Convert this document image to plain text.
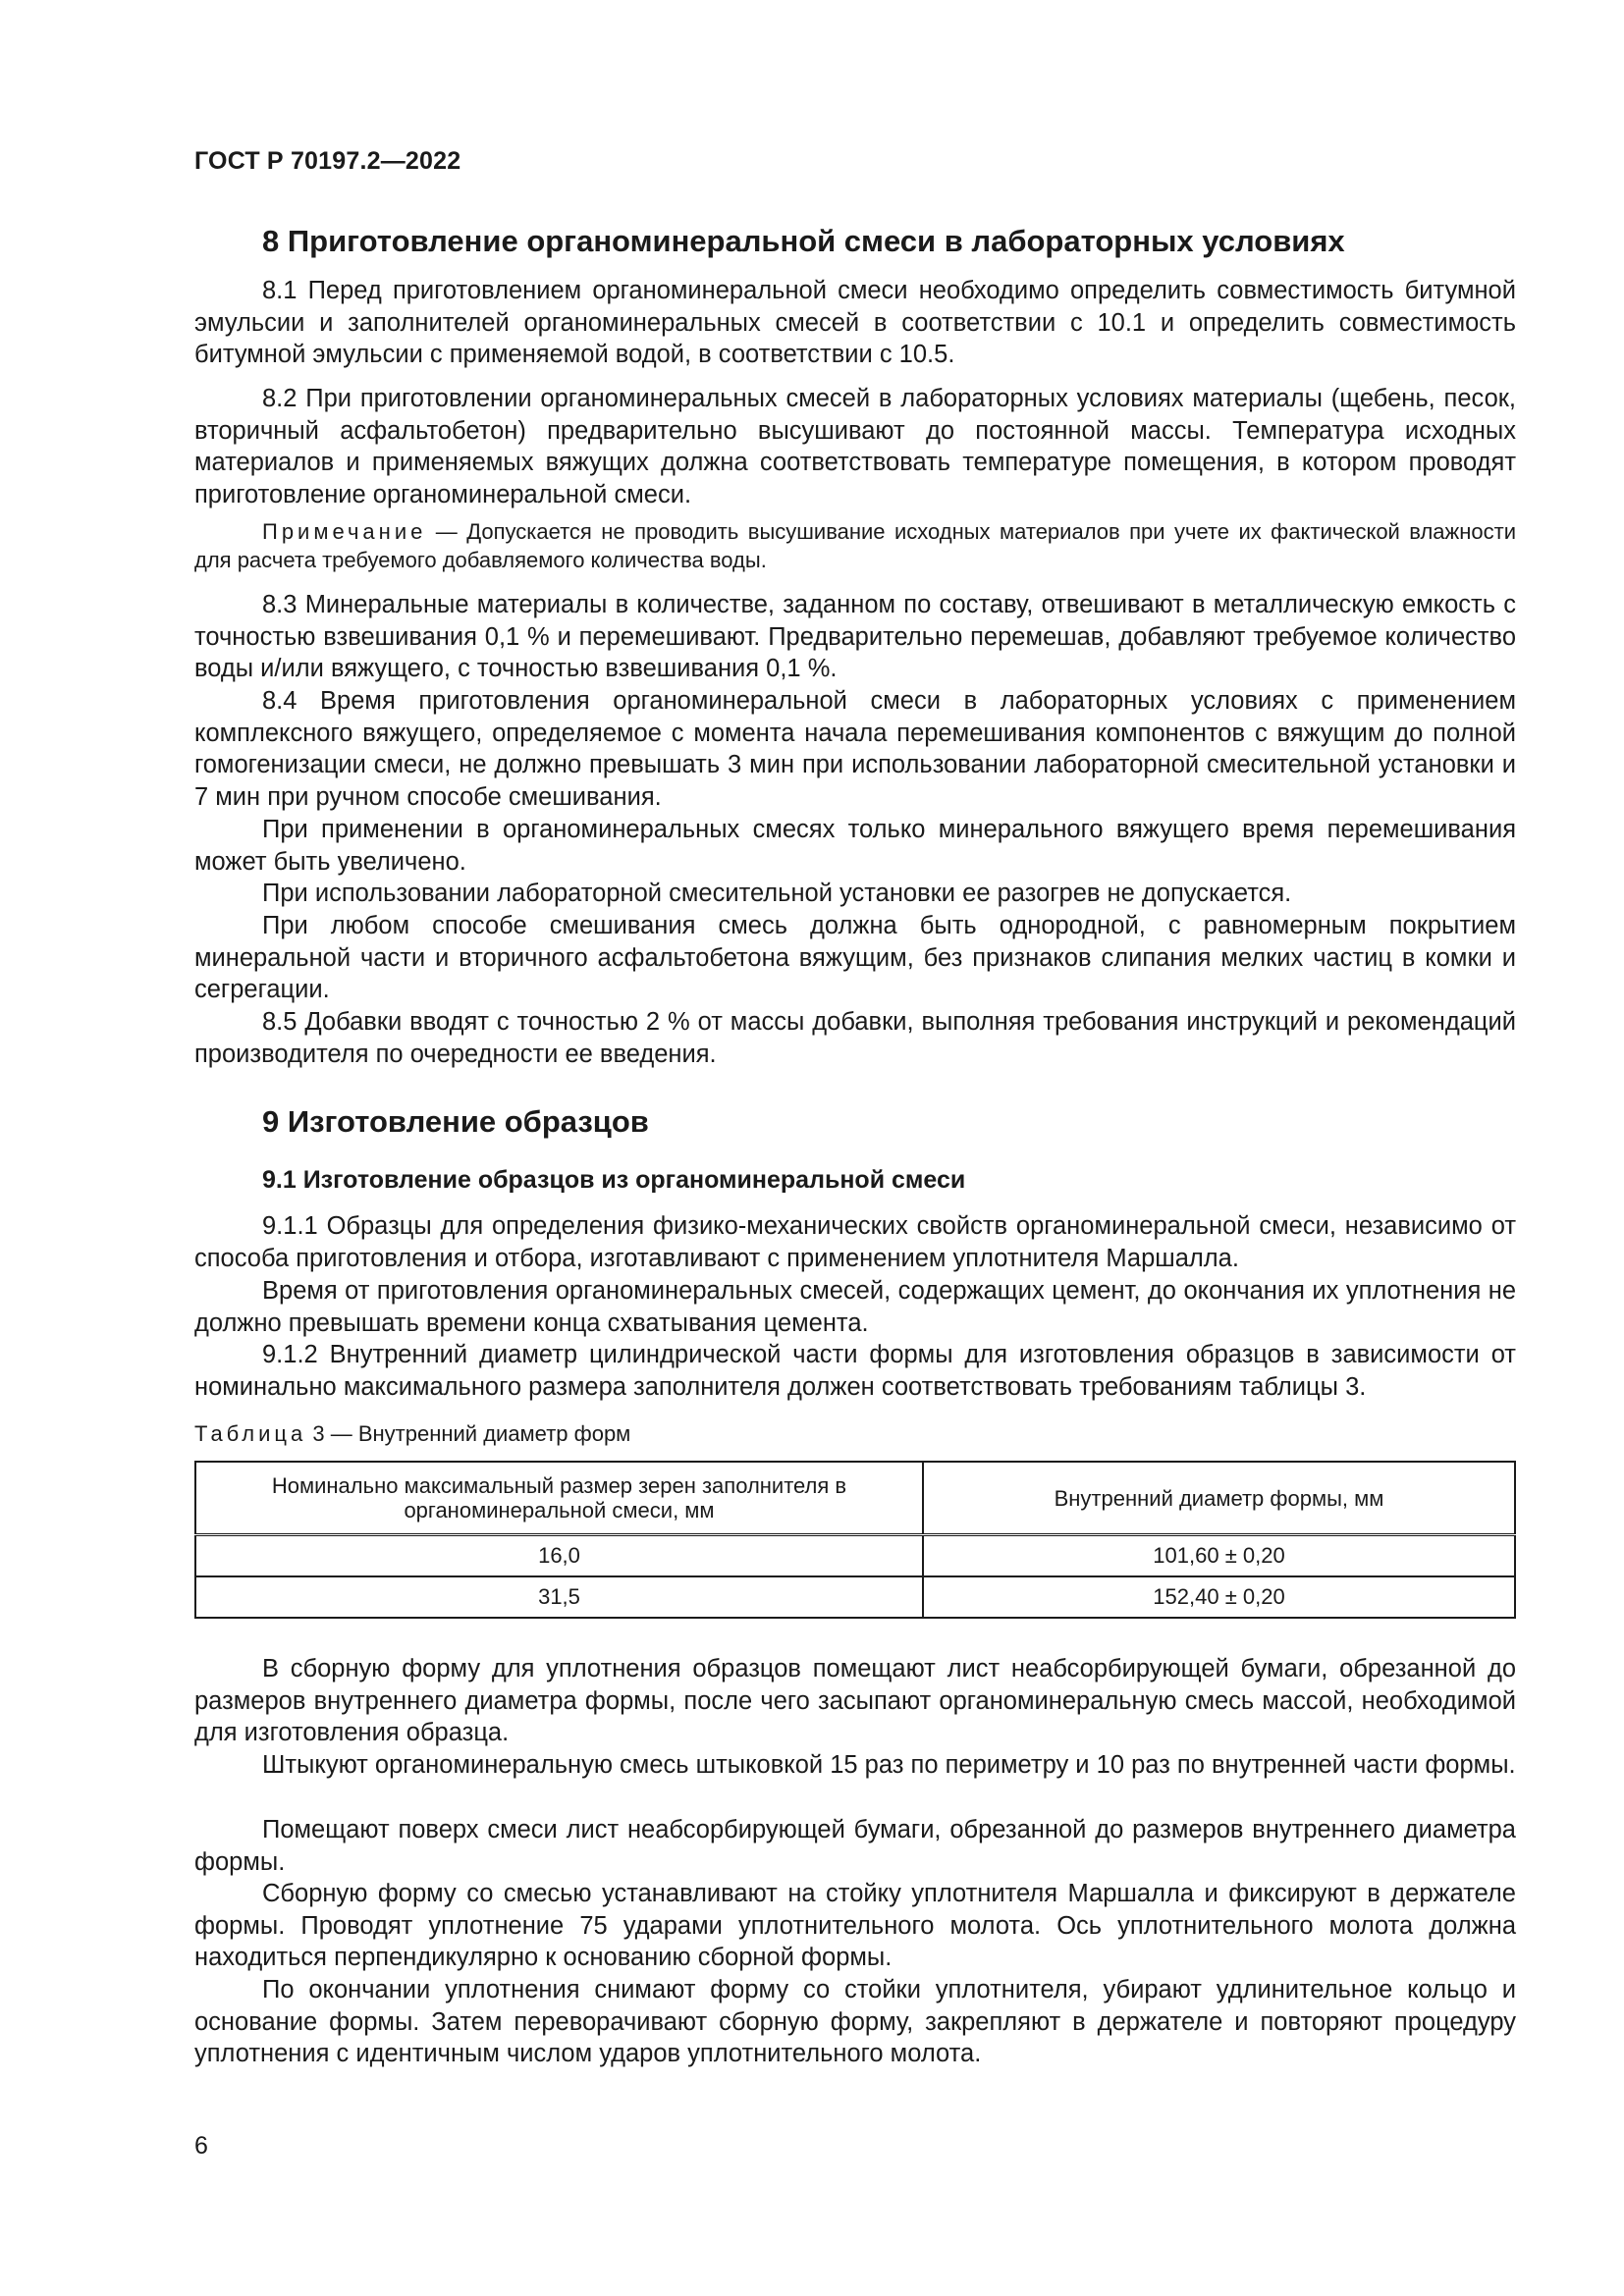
ГОСТ Р 70197.2—2022
8 Приготовление органоминеральной смеси в лабораторных условиях
8.1 Перед приготовлением органоминеральной смеси необходимо определить совместимость битумной эмульсии и заполнителей органоминеральных смесей в соответствии с 10.1 и определить совместимость битумной эмульсии с применяемой водой, в соответствии с 10.5.
8.2 При приготовлении органоминеральных смесей в лабораторных условиях материалы (щебень, песок, вторичный асфальтобетон) предварительно высушивают до постоянной массы. Температура исходных материалов и применяемых вяжущих должна соответствовать температуре помещения, в котором проводят приготовление органоминеральной смеси.
Примечание — Допускается не проводить высушивание исходных материалов при учете их фактической влажности для расчета требуемого добавляемого количества воды.
8.3 Минеральные материалы в количестве, заданном по составу, отвешивают в металлическую емкость с точностью взвешивания 0,1 % и перемешивают. Предварительно перемешав, добавляют требуемое количество воды и/или вяжущего, с точностью взвешивания 0,1 %.
8.4 Время приготовления органоминеральной смеси в лабораторных условиях с применением комплексного вяжущего, определяемое с момента начала перемешивания компонентов с вяжущим до полной гомогенизации смеси, не должно превышать 3 мин при использовании лабораторной смесительной установки и 7 мин при ручном способе смешивания.
При применении в органоминеральных смесях только минерального вяжущего время перемешивания может быть увеличено.
При использовании лабораторной смесительной установки ее разогрев не допускается.
При любом способе смешивания смесь должна быть однородной, с равномерным покрытием минеральной части и вторичного асфальтобетона вяжущим, без признаков слипания мелких частиц в комки и сегрегации.
8.5 Добавки вводят с точностью 2 % от массы добавки, выполняя требования инструкций и рекомендаций производителя по очередности ее введения.
9 Изготовление образцов
9.1 Изготовление образцов из органоминеральной смеси
9.1.1 Образцы для определения физико-механических свойств органоминеральной смеси, независимо от способа приготовления и отбора, изготавливают с применением уплотнителя Маршалла.
Время от приготовления органоминеральных смесей, содержащих цемент, до окончания их уплотнения не должно превышать времени конца схватывания цемента.
9.1.2 Внутренний диаметр цилиндрической части формы для изготовления образцов в зависимости от номинально максимального размера заполнителя должен соответствовать требованиям таблицы 3.
Таблица 3 — Внутренний диаметр форм
Номинально максимальный размер зерен заполнителя в органоминеральной смеси, мм	Внутренний диаметр формы, мм
16,0	101,60 ± 0,20
31,5	152,40 ± 0,20
В сборную форму для уплотнения образцов помещают лист неабсорбирующей бумаги, обрезанной до размеров внутреннего диаметра формы, после чего засыпают органоминеральную смесь массой, необходимой для изготовления образца.
Штыкуют органоминеральную смесь штыковкой 15 раз по периметру и 10 раз по внутренней части формы.
Помещают поверх смеси лист неабсорбирующей бумаги, обрезанной до размеров внутреннего диаметра формы.
Сборную форму со смесью устанавливают на стойку уплотнителя Маршалла и фиксируют в держателе формы. Проводят уплотнение 75 ударами уплотнительного молота. Ось уплотнительного молота должна находиться перпендикулярно к основанию сборной формы.
По окончании уплотнения снимают форму со стойки уплотнителя, убирают удлинительное кольцо и основание формы. Затем переворачивают сборную форму, закрепляют в держателе и повторяют процедуру уплотнения с идентичным числом ударов уплотнительного молота.
6
